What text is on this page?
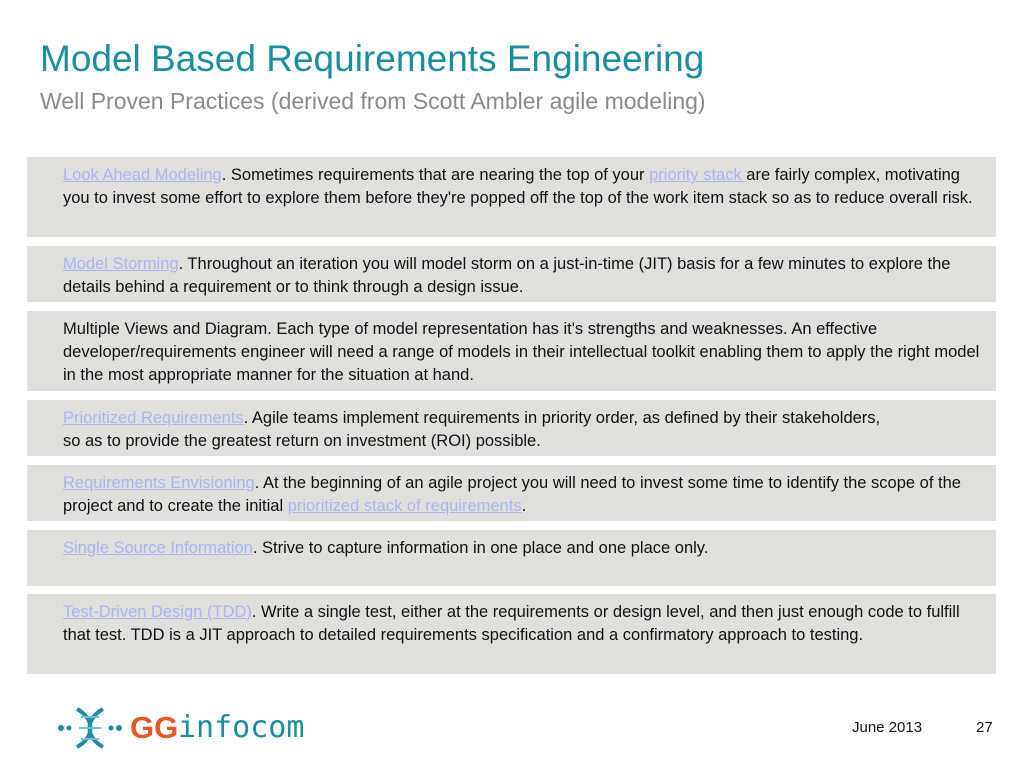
Model Based Requirements Engineering
Well Proven Practices (derived from Scott Ambler agile modeling)
Look Ahead Modeling. Sometimes requirements that are nearing the top of your priority stack are fairly complex, motivating you to invest some effort to explore them before they're popped off the top of the work item stack so as to reduce overall risk.
Model Storming. Throughout an iteration you will model storm on a just-in-time (JIT) basis for a few minutes to explore the details behind a requirement or to think through a design issue.
Multiple Views and Diagram. Each type of model representation has it's strengths and weaknesses. An effective developer/requirements engineer will need a range of models in their intellectual toolkit enabling them to apply the right model in the most appropriate manner for the situation at hand.
Prioritized Requirements. Agile teams implement requirements in priority order, as defined by their stakeholders,
so as to provide the greatest return on investment (ROI) possible.
Requirements Envisioning. At the beginning of an agile project you will need to invest some time to identify the scope of the project and to create the initial prioritized stack of requirements.
Single Source Information. Strive to capture information in one place and one place only.
Test-Driven Design (TDD). Write a single test, either at the requirements or design level, and then just enough code to fulfill that test. TDD is a JIT approach to detailed requirements specification and a confirmatory approach to testing.
GG infocom	June 2013	27
